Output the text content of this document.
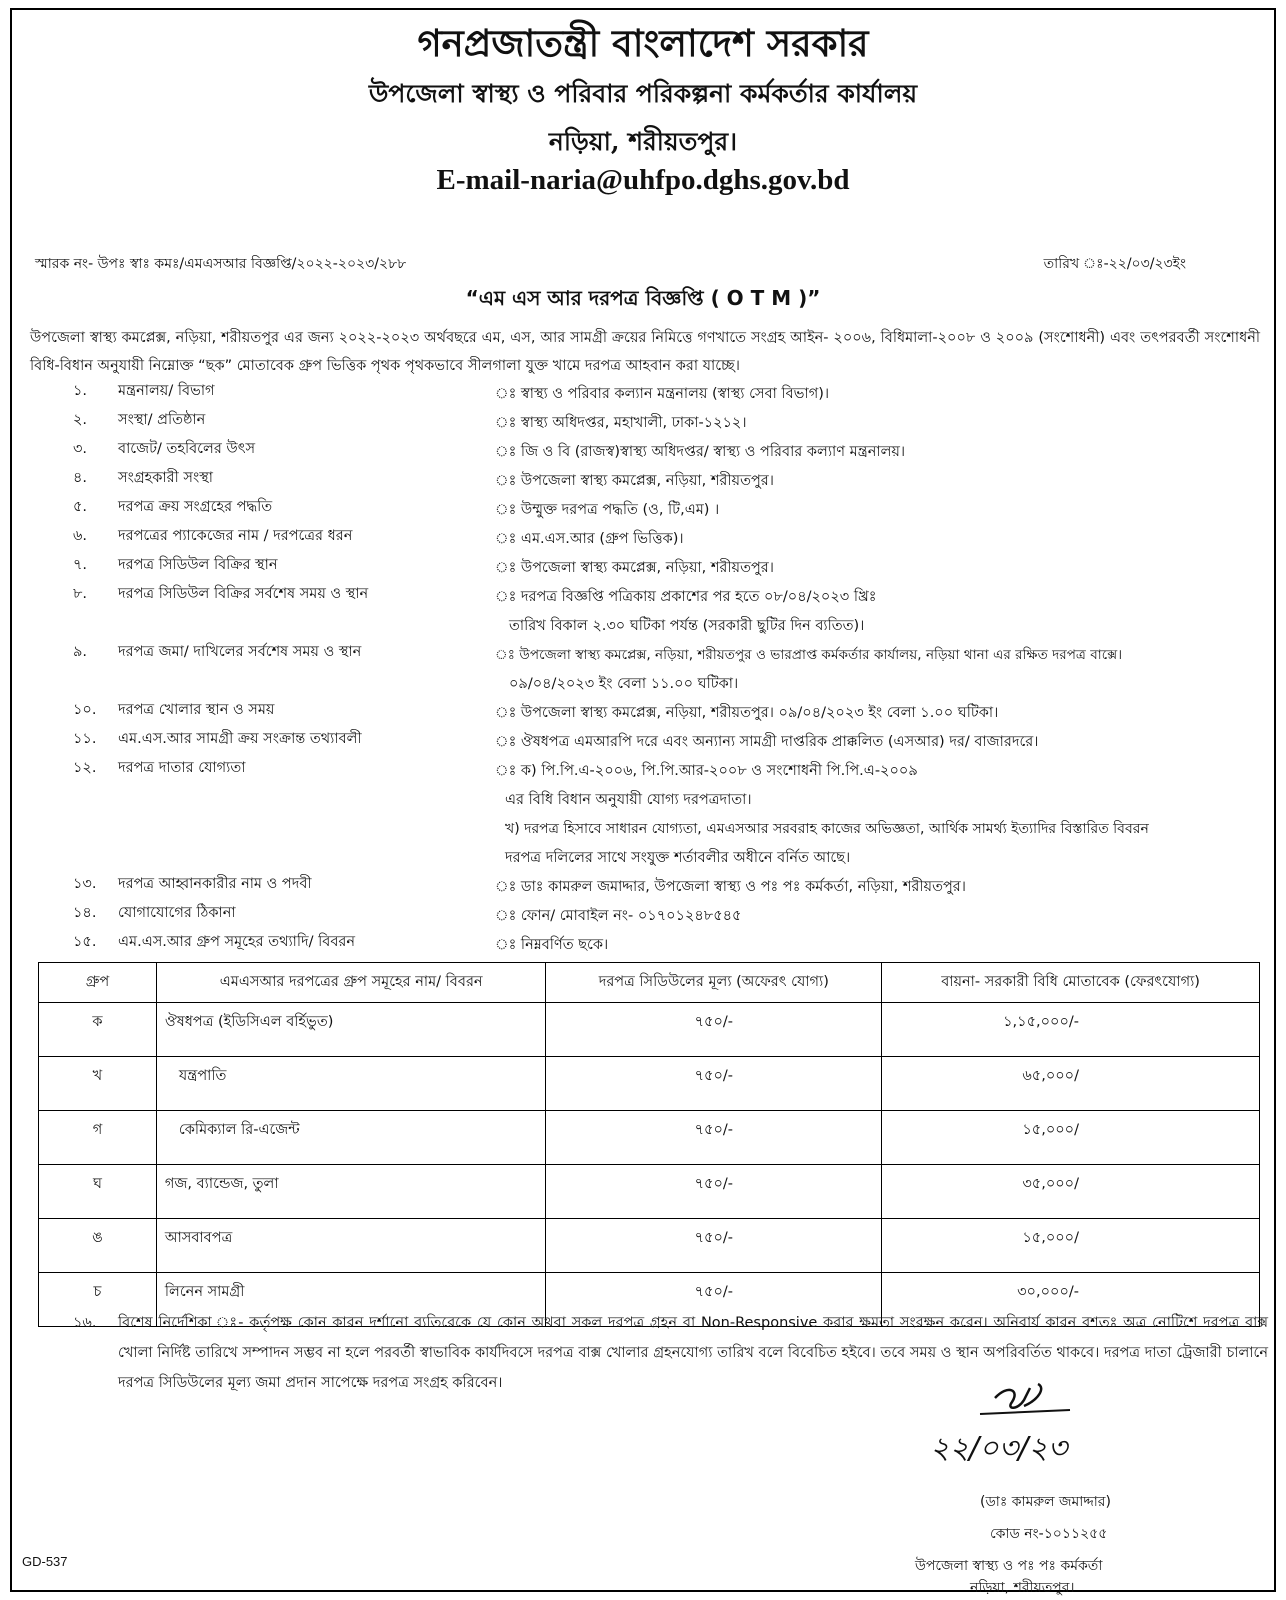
গনপ্রজাতন্ত্রী বাংলাদেশ সরকার
উপজেলা স্বাস্থ্য ও পরিবার পরিকল্পনা কর্মকর্তার কার্যালয়
নড়িয়া, শরীয়তপুর।
E-mail-naria@uhfpo.dghs.gov.bd
স্মারক নং- উপঃ স্বাঃ কমঃ/এমএসআর বিজ্ঞপ্তি/২০২২-২০২৩/২৮৮	তারিখ ঃ-২২/০৩/২৩ইং
“এম এস আর দরপত্র বিজ্ঞপ্তি ( O T M )”
উপজেলা স্বাস্থ্য কমপ্লেক্স, নড়িয়া, শরীয়তপুর এর জন্য ২০২২-২০২৩ অর্থবছরে এম, এস, আর সামগ্রী ক্রয়ের নিমিত্তে গণখাতে সংগ্রহ আইন- ২০০৬, বিধিমালা-২০০৮ ও ২০০৯ (সংশোধনী) এবং তৎপরবর্তী সংশোধনী বিধি-বিধান অনুযায়ী নিম্নোক্ত “ছক” মোতাবেক গ্রুপ ভিত্তিক পৃথক পৃথকভাবে সীলগালা যুক্ত খামে দরপত্র আহবান করা যাচ্ছে।
১.	মন্ত্রনালয়/ বিভাগ	ঃ স্বাস্থ্য ও পরিবার কল্যান মন্ত্রনালয় (স্বাস্থ্য সেবা বিভাগ)।
২.	সংস্থা/ প্রতিষ্ঠান	ঃ স্বাস্থ্য অধিদপ্তর, মহাখালী, ঢাকা-১২১২।
৩.	বাজেট/ তহবিলের উৎস	ঃ জি ও বি (রাজস্ব)স্বাস্থ্য অধিদপ্তর/ স্বাস্থ্য ও পরিবার কল্যাণ মন্ত্রনালয়।
৪.	সংগ্রহকারী সংস্থা	ঃ উপজেলা স্বাস্থ্য কমপ্লেক্স, নড়িয়া, শরীয়তপুর।
৫.	দরপত্র ক্রয় সংগ্রহের পদ্ধতি	ঃ উম্মুক্ত দরপত্র পদ্ধতি (ও, টি,এম) ।
৬.	দরপত্রের প্যাকেজের নাম / দরপত্রের ধরন	ঃ এম.এস.আর (গ্রুপ ভিত্তিক)।
৭.	দরপত্র সিডিউল বিক্রির স্থান	ঃ উপজেলা স্বাস্থ্য কমপ্লেক্স, নড়িয়া, শরীয়তপুর।
৮.	দরপত্র সিডিউল বিক্রির সর্বশেষ সময় ও স্থান	ঃ দরপত্র বিজ্ঞপ্তি পত্রিকায় প্রকাশের পর হতে ০৮/০৪/২০২৩ খ্রিঃ
তারিখ বিকাল ২.৩০ ঘটিকা পর্যন্ত (সরকারী ছুটির দিন ব্যতিত)।
৯.	দরপত্র জমা/ দাখিলের সর্বশেষ সময় ও স্থান	ঃ উপজেলা স্বাস্থ্য কমপ্লেক্স, নড়িয়া, শরীয়তপুর ও ভারপ্রাপ্ত কর্মকর্তার কার্যালয়, নড়িয়া থানা এর রক্ষিত দরপত্র বাক্সে।
০৯/০৪/২০২৩ ইং বেলা ১১.০০ ঘটিকা।
১০.	দরপত্র খোলার স্থান ও সময়	ঃ উপজেলা স্বাস্থ্য কমপ্লেক্স, নড়িয়া, শরীয়তপুর। ০৯/০৪/২০২৩ ইং বেলা ১.০০ ঘটিকা।
১১.	এম.এস.আর সামগ্রী ক্রয় সংক্রান্ত তথ্যাবলী	ঃ ঔষধপত্র এমআরপি দরে এবং অন্যান্য সামগ্রী দাপ্তরিক প্রাক্কলিত (এসআর) দর/ বাজারদরে।
১২.	দরপত্র দাতার যোগ্যতা	ঃ ক) পি.পি.এ-২০০৬, পি.পি.আর-২০০৮ ও সংশোধনী পি.পি.এ-২০০৯
এর বিধি বিধান অনুযায়ী যোগ্য দরপত্রদাতা।
খ) দরপত্র হিসাবে সাধারন যোগ্যতা, এমএসআর সরবরাহ কাজের অভিজ্ঞতা, আর্থিক সামর্থ্য ইত্যাদির বিস্তারিত বিবরন
দরপত্র দলিলের সাথে সংযুক্ত শর্তাবলীর অধীনে বর্নিত আছে।
১৩.	দরপত্র আহ্বানকারীর নাম ও পদবী	ঃ ডাঃ কামরুল জমাদ্দার, উপজেলা স্বাস্থ্য ও পঃ পঃ কর্মকর্তা, নড়িয়া, শরীয়তপুর।
১৪.	যোগাযোগের ঠিকানা	ঃ ফোন/ মোবাইল নং- ০১৭০১২৪৮৫৪৫
১৫.	এম.এস.আর গ্রুপ সমূহের তথ্যাদি/ বিবরন	ঃ নিম্নবর্ণিত ছকে।
গ্রুপ	এমএসআর দরপত্রের গ্রুপ সমূহের নাম/ বিবরন	দরপত্র সিডিউলের মূল্য (অফেরৎ যোগ্য)	বায়না- সরকারী বিধি মোতাবেক (ফেরৎযোগ্য)
ক	ঔষধপত্র (ইডিসিএল বর্হিভুত)	৭৫০/-	১,১৫,০০০/-
খ	যন্ত্রপাতি	৭৫০/-	৬৫,০০০/
গ	কেমিক্যাল রি-এজেন্ট	৭৫০/-	১৫,০০০/
ঘ	গজ, ব্যান্ডেজ, তুলা	৭৫০/-	৩৫,০০০/
ঙ	আসবাবপত্র	৭৫০/-	১৫,০০০/
চ	লিনেন সামগ্রী	৭৫০/-	৩০,০০০/-
১৬. বিশেষ নির্দেশিকা ঃ- কর্তৃপক্ষ কোন কারন দর্শানো ব্যতিরেকে যে কোন অথবা সকল দরপত্র গ্রহন বা Non-Responsive করার ক্ষমতা সংরক্ষন করেন। অনিবার্য কারন বশতঃ অত্র নোটিশে দরপত্র বাক্স খোলা নির্দিষ্ট তারিখে সম্পাদন সম্ভব না হলে পরবর্তী স্বাভাবিক কার্যদিবসে দরপত্র বাক্স খোলার গ্রহনযোগ্য তারিখ বলে বিবেচিত হইবে। তবে সময় ও স্থান অপরিবর্তিত থাকবে। দরপত্র দাতা ট্রেজারী চালানে দরপত্র সিডিউলের মূল্য জমা প্রদান সাপেক্ষে দরপত্র সংগ্রহ করিবেন।
২২/০৩/২৩
(ডাঃ কামরুল জমাদ্দার)
কোড নং-১০১১২৫৫
উপজেলা স্বাস্থ্য ও পঃ পঃ কর্মকর্তা
নড়িয়া, শরীয়তপুর।
GD-537
